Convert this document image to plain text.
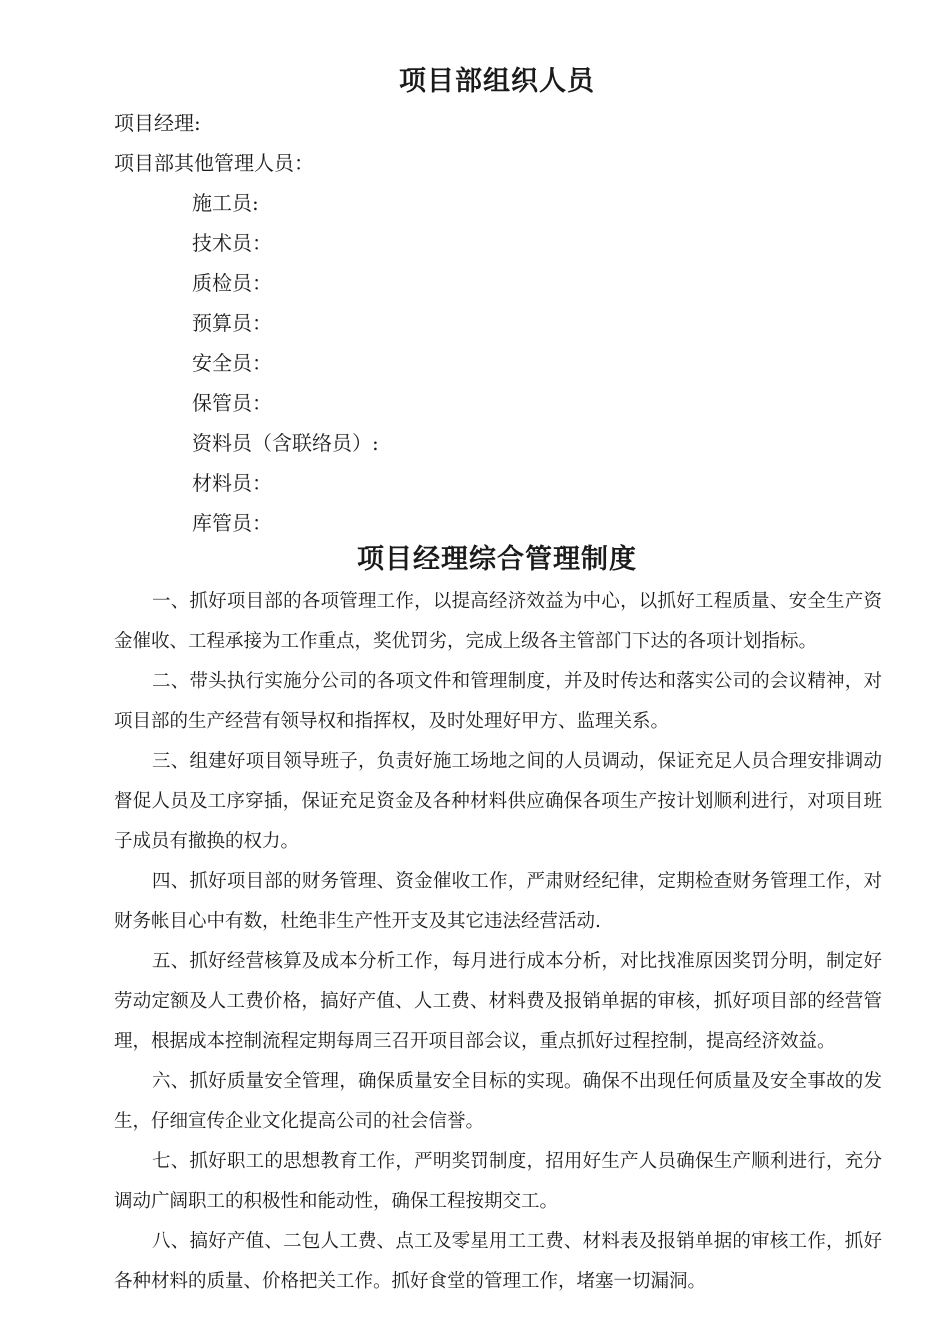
项目部组织人员
项目经理:
项目部其他管理人员：
施工员:
技术员：
质检员：
预算员：
安全员：
保管员：
资料员（含联络员）:
材料员：
库管员：
项目经理综合管理制度

一、抓好项目部的各项管理工作，以提高经济效益为中心，以抓好工程质量、安全生产资金催收、工程承接为工作重点，奖优罚劣，完成上级各主管部门下达的各项计划指标。

二、带头执行实施分公司的各项文件和管理制度，并及时传达和落实公司的会议精神，对项目部的生产经营有领导权和指挥权，及时处理好甲方、监理关系。

三、组建好项目领导班子，负责好施工场地之间的人员调动，保证充足人员合理安排调动督促人员及工序穿插，保证充足资金及各种材料供应确保各项生产按计划顺利进行，对项目班子成员有撤换的权力。

四、抓好项目部的财务管理、资金催收工作，严肃财经纪律，定期检查财务管理工作，对财务帐目心中有数，杜绝非生产性开支及其它违法经营活动.

五、抓好经营核算及成本分析工作，每月进行成本分析，对比找准原因奖罚分明，制定好劳动定额及人工费价格，搞好产值、人工费、材料费及报销单据的审核，抓好项目部的经营管理，根据成本控制流程定期每周三召开项目部会议，重点抓好过程控制，提高经济效益。

六、抓好质量安全管理，确保质量安全目标的实现。确保不出现任何质量及安全事故的发生，仔细宣传企业文化提高公司的社会信誉。

七、抓好职工的思想教育工作，严明奖罚制度，招用好生产人员确保生产顺利进行，充分调动广阔职工的积极性和能动性，确保工程按期交工。

八、搞好产值、二包人工费、点工及零星用工工费、材料表及报销单据的审核工作，抓好各种材料的质量、价格把关工作。抓好食堂的管理工作，堵塞一切漏洞。
